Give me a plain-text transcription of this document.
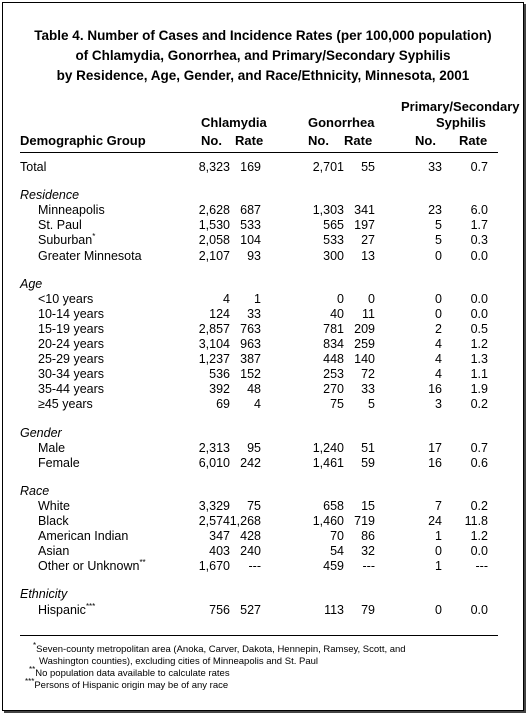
Table 4. Number of Cases and Incidence Rates (per 100,000 population)
of Chlamydia, Gonorrhea, and Primary/Secondary Syphilis
by Residence, Age, Gender, and Race/Ethnicity, Minnesota, 2001
Primary/Secondary
Syphilis
Chlamydia	Gonorrhea
Demographic Group	No. Rate	No. Rate	No. Rate
Total	8,323 169	2,701 55	33 0.7
Residence
Minneapolis	2,628 687	1,303 341	23 6.0
St. Paul	1,530 533	565 197	5 1.7
Suburban*	2,058 104	533 27	5 0.3
Greater Minnesota	2,107 93	300 13	0 0.0
Age
<10 years	4 1	0 0	0 0.0
10-14 years	124 33	40 11	0 0.0
15-19 years	2,857 763	781 209	2 0.5
20-24 years	3,104 963	834 259	4 1.2
25-29 years	1,237 387	448 140	4 1.3
30-34 years	536 152	253 72	4 1.1
35-44 years	392 48	270 33	16 1.9
≥45 years	69 4	75 5	3 0.2
Gender
Male	2,313 95	1,240 51	17 0.7
Female	6,010 242	1,461 59	16 0.6
Race
White	3,329 75	658 15	7 0.2
Black	2,574 1,268	1,460 719	24 11.8
American Indian	347 428	70 86	1 1.2
Asian	403 240	54 32	0 0.0
Other or Unknown**	1,670 ---	459 ---	1	---
Ethnicity
Hispanic***	756 527	113 79	0 0.0
*Seven-county metropolitan area (Anoka, Carver, Dakota, Hennepin, Ramsey, Scott, and
Washington counties), excluding cities of Minneapolis and St. Paul
**No population data available to calculate rates
***Persons of Hispanic origin may be of any race
